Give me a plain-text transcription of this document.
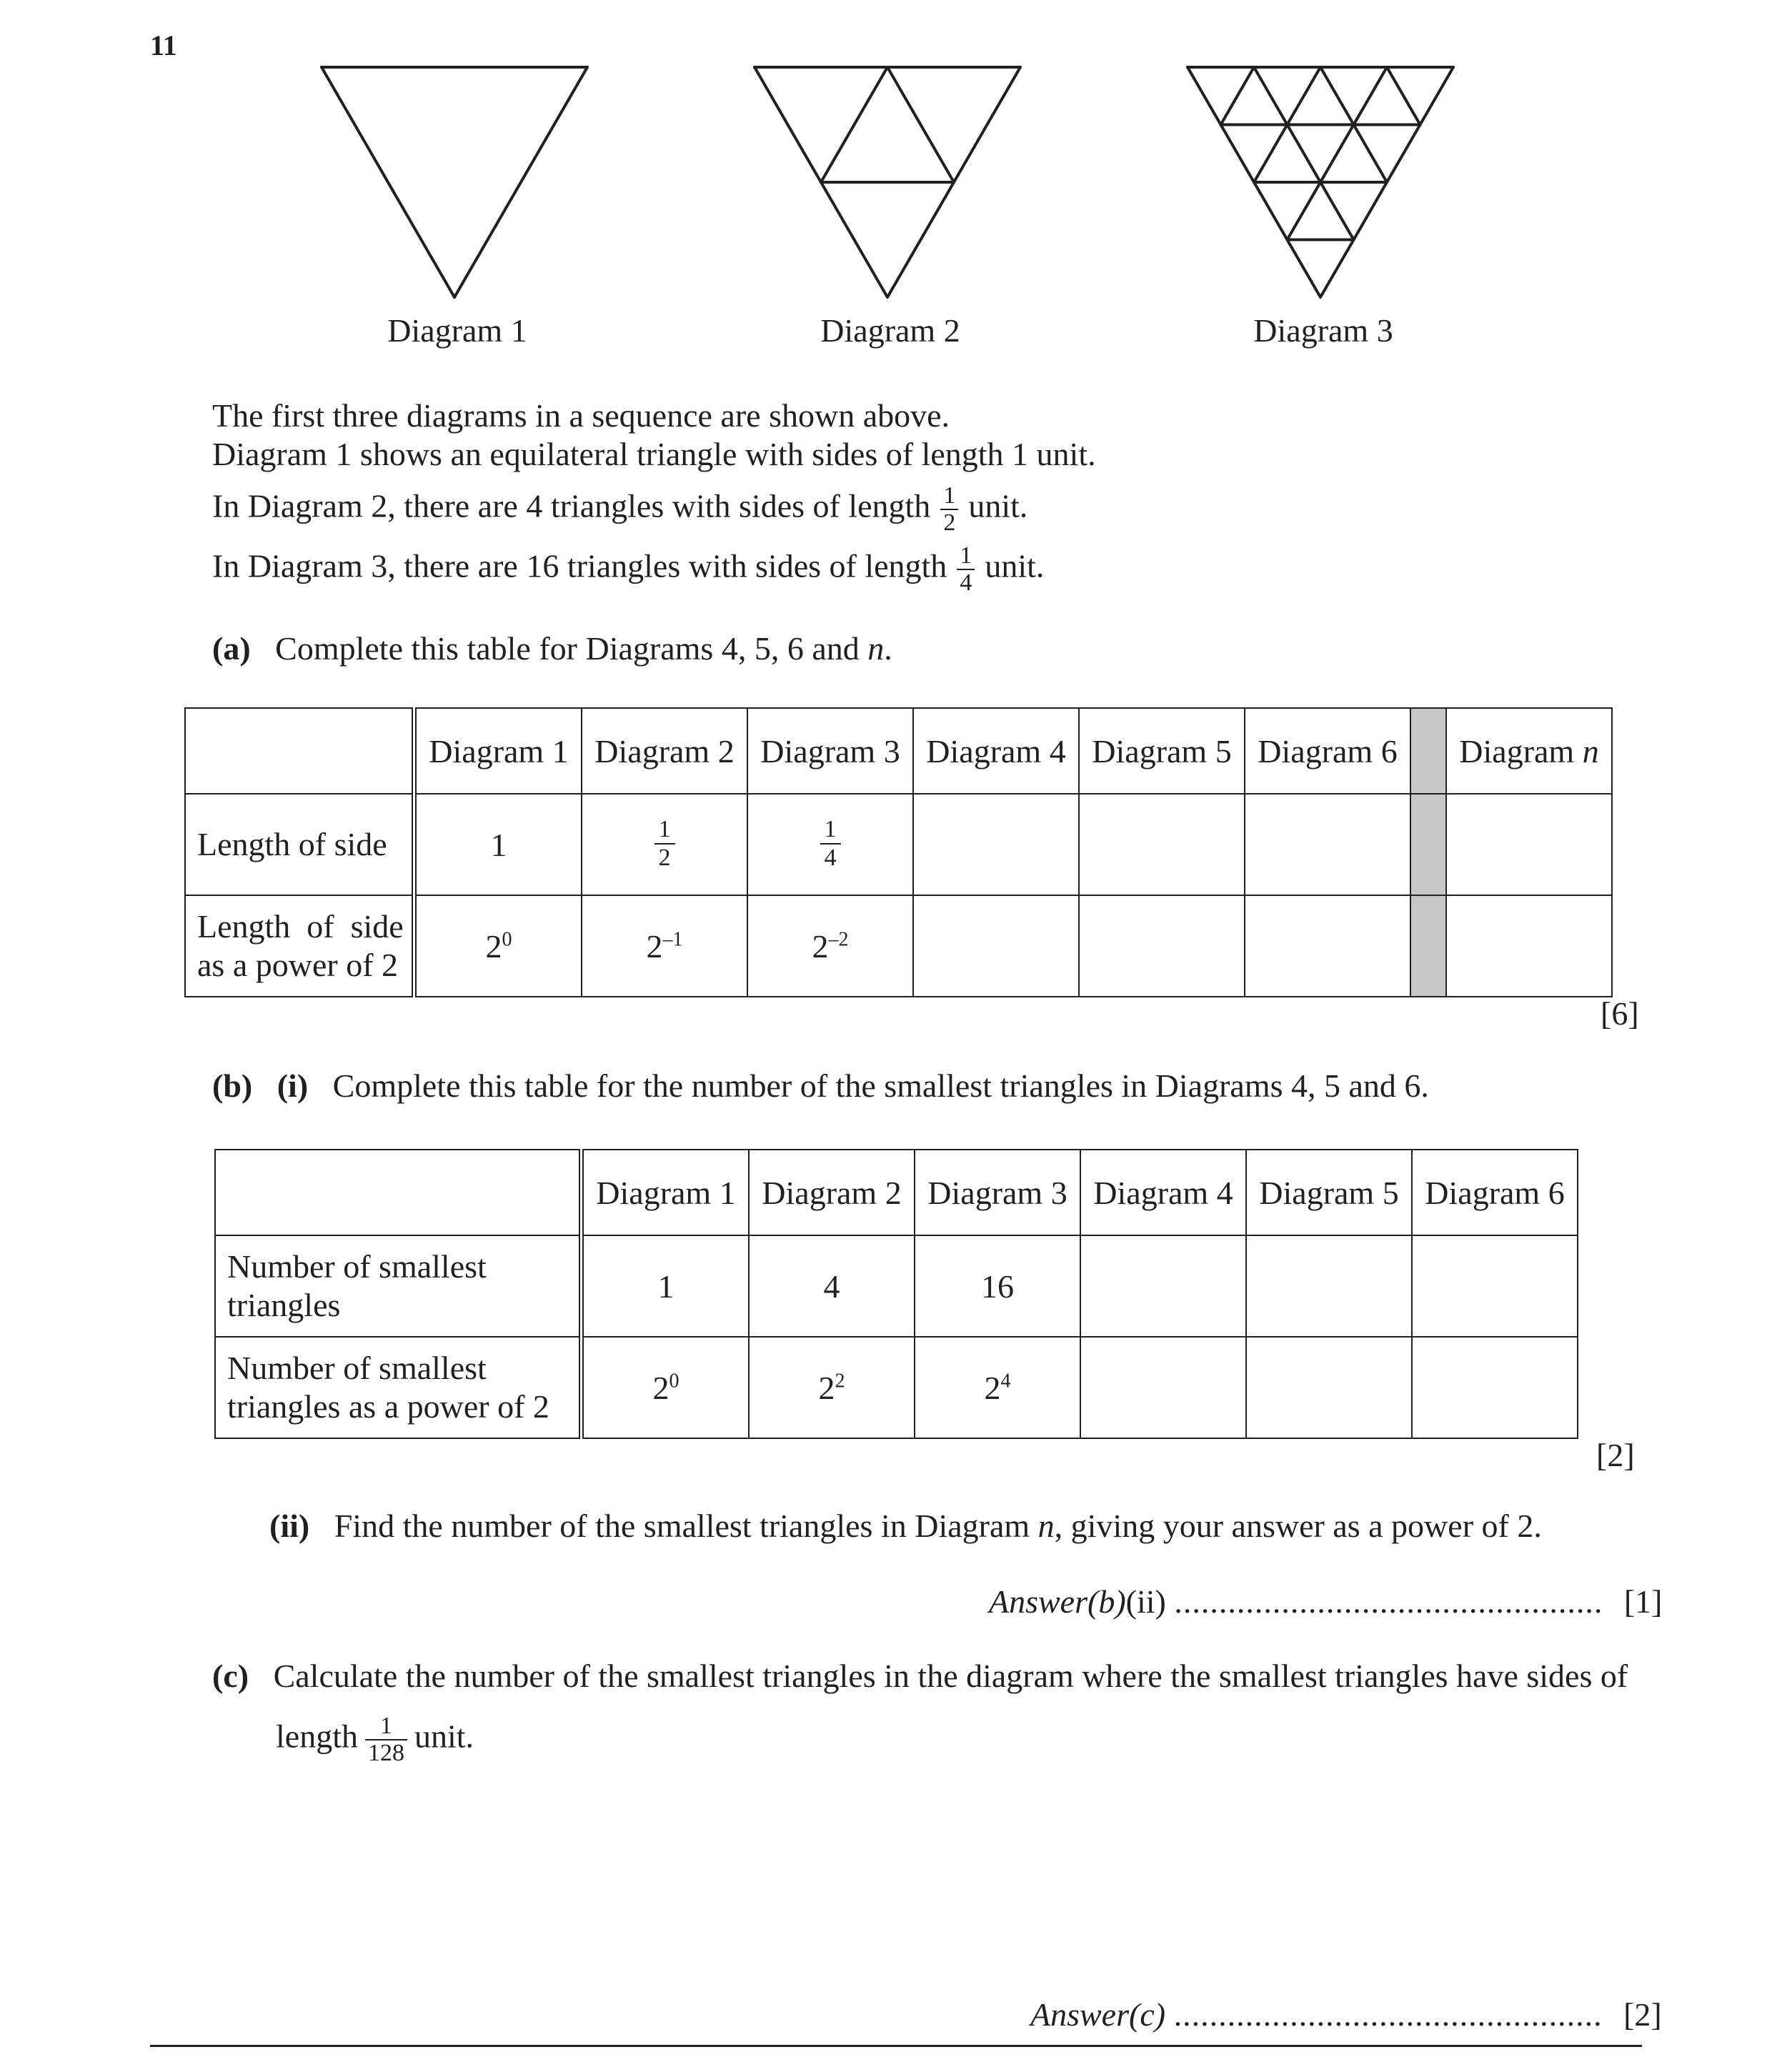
11
Diagram 1	Diagram 2	Diagram 3
The first three diagrams in a sequence are shown above.
Diagram 1 shows an equilateral triangle with sides of length 1 unit.
In Diagram 2, there are 4 triangles with sides of length $\frac{1}{2}$ unit.
In Diagram 3, there are 16 triangles with sides of length $\frac{1}{4}$ unit.
(a) Complete this table for Diagrams 4, 5, 6 and n.
	Diagram 1	Diagram 2	Diagram 3	Diagram 4	Diagram 5	Diagram 6		Diagram n
Length of side	1	$\frac{1}{2}$	$\frac{1}{4}$

Length  of  side
as a power of 2	$2^0$	$2^{-1}$	$2^{-2}$					
[6]
(b) (i) Complete this table for the number of the smallest triangles in Diagrams 4, 5 and 6.
	Diagram 1	Diagram 2	Diagram 3	Diagram 4	Diagram 5	Diagram 6
Number of smallest
triangles	1	4	16			
Number of smallest
triangles as a power of 2	$2^0$	$2^2$	$2^4$			
[2]
(ii) Find the number of the smallest triangles in Diagram n, giving your answer as a power of 2.
Answer(b)(ii) ................................................ [1]
(c) Calculate the number of the smallest triangles in the diagram where the smallest triangles have sides of
length $\frac{1}{128}$ unit.
Answer(c) ................................................ [2]
